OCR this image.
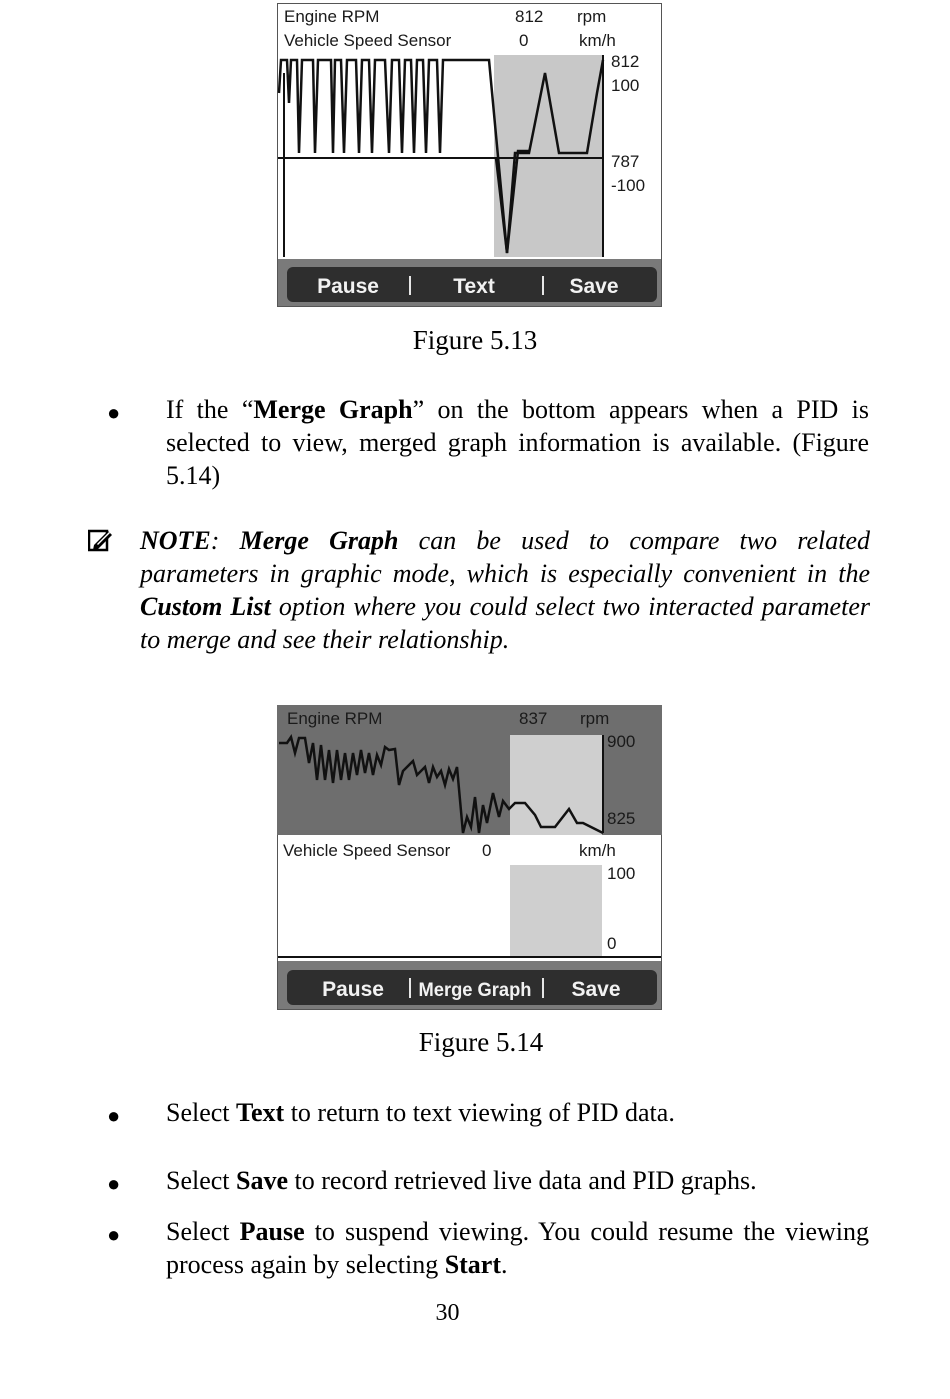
Engine RPM	812 rpm
Vehicle Speed Sensor	0	km/h
812
100
787
-100
Pause	Text	Save
Figure 5.13
● If the “Merge Graph” on the bottom appears when a PID is selected to view, merged graph information is available. (Figure 5.14)
NOTE: Merge Graph can be used to compare two related parameters in graphic mode, which is especially convenient in the Custom List option where you could select two interacted parameter to merge and see their relationship.
Engine RPM	837 rpm
900
825
Vehicle Speed Sensor 0	km/h
100
0
Pause Merge Graph Save
Figure 5.14
● Select Text to return to text viewing of PID data.
● Select Save to record retrieved live data and PID graphs.
● Select Pause to suspend viewing. You could resume the viewing process again by selecting Start.
30
